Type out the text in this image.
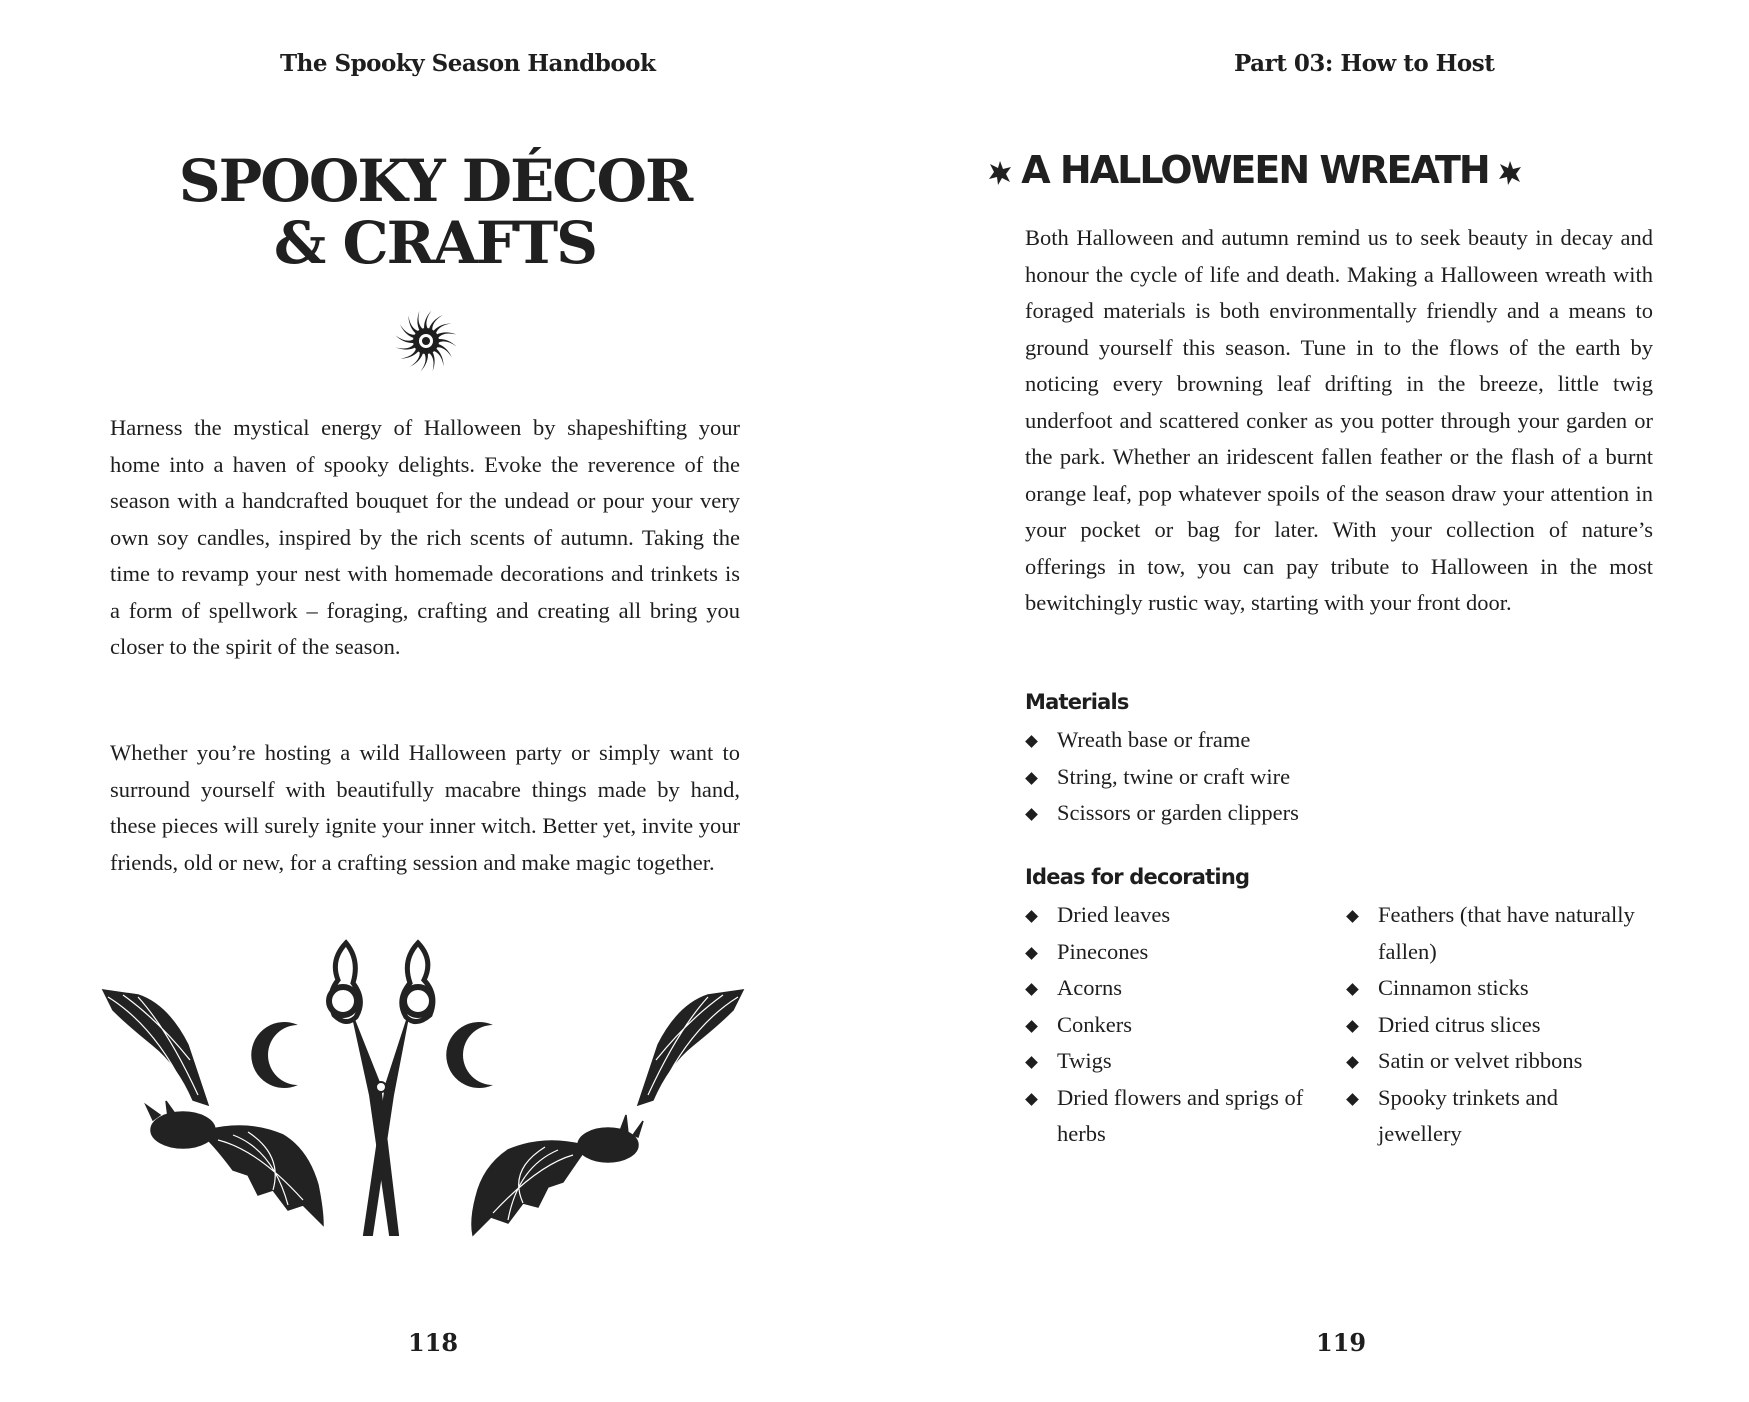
The Spooky Season Handbook
SPOOKY DÉCOR
& CRAFTS

Harness the mystical energy of Halloween by shapeshifting your home into a haven of spooky delights. Evoke the reverence of the season with a handcrafted bouquet for the undead or pour your very own soy candles, inspired by the rich scents of autumn. Taking the time to revamp your nest with homemade decorations and trinkets is a form of spellwork – foraging, crafting and creating all bring you closer to the spirit of the season.

Whether you’re hosting a wild Halloween party or simply want to surround yourself with beautifully macabre things made by hand, these pieces will surely ignite your inner witch. Better yet, invite your friends, old or new, for a crafting session and make magic together.

118
Part 03: How to Host
A HALLOWEEN WREATH

Both Halloween and autumn remind us to seek beauty in decay and honour the cycle of life and death. Making a Halloween wreath with foraged materials is both environmentally friendly and a means to ground yourself this season. Tune in to the flows of the earth by noticing every browning leaf drifting in the breeze, little twig underfoot and scattered conker as you potter through your garden or the park. Whether an iridescent fallen feather or the flash of a burnt orange leaf, pop whatever spoils of the season draw your attention in your pocket or bag for later. With your collection of nature’s offerings in tow, you can pay tribute to Halloween in the most bewitchingly rustic way, starting with your front door.

Materials
Wreath base or frame
String, twine or craft wire
Scissors or garden clippers
Ideas for decorating
Dried leaves
Pinecones
Acorns
Conkers
Twigs
Dried flowers and sprigs of herbs
Feathers (that have naturally fallen)
Cinnamon sticks
Dried citrus slices
Satin or velvet ribbons
Spooky trinkets and jewellery
119
